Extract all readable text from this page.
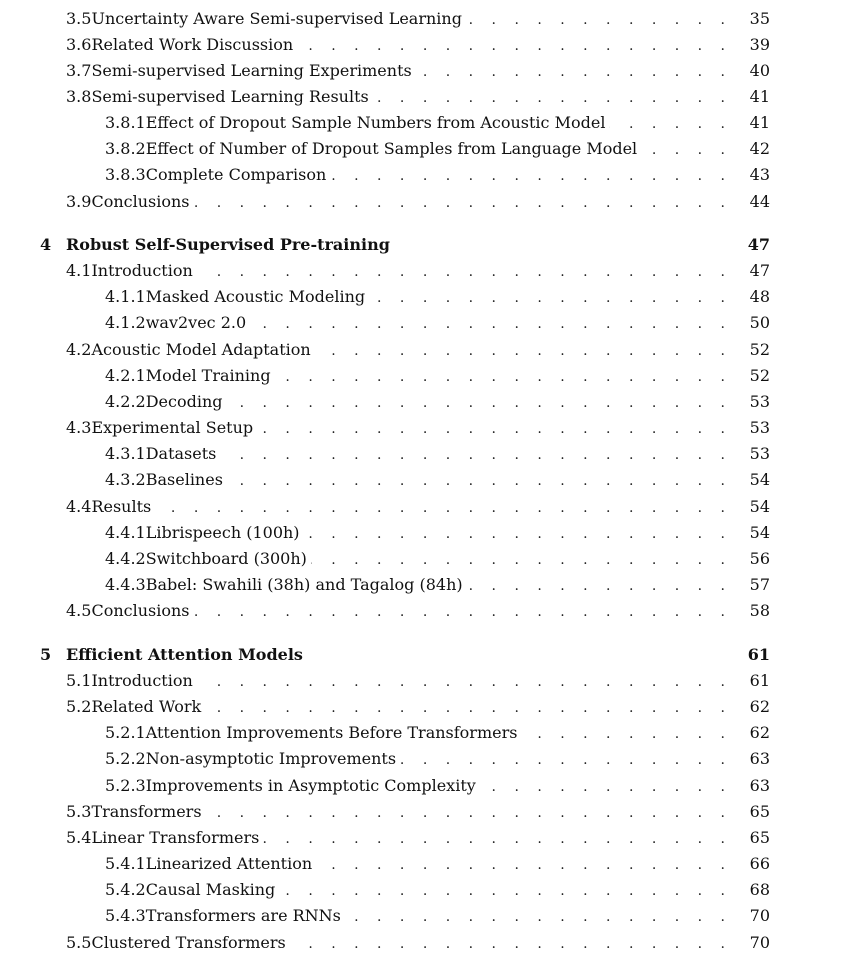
3.5 Uncertainty Aware Semi-supervised Learning . . .	35
3.6 Related Work Discussion . . .	39
3.7 Semi-supervised Learning Experiments . . .	40
3.8 Semi-supervised Learning Results . . .	41
3.8.1 Effect of Dropout Sample Numbers from Acoustic Model . . .	41
3.8.2 Effect of Number of Dropout Samples from Language Model . . .	42
3.8.3 Complete Comparison . . .	43
3.9 Conclusions . . .	44
4 Robust Self-Supervised Pre-training	47
4.1 Introduction . . .	47
4.1.1 Masked Acoustic Modeling . . .	48
4.1.2 wav2vec 2.0 . . .	50
4.2 Acoustic Model Adaptation . . .	52
4.2.1 Model Training . . .	52
4.2.2 Decoding . . .	53
4.3 Experimental Setup . . .	53
4.3.1 Datasets . . .	53
4.3.2 Baselines . . .	54
4.4 Results . . .	54
4.4.1 Librispeech (100h) . . .	54
4.4.2 Switchboard (300h) . . .	56
4.4.3 Babel: Swahili (38h) and Tagalog (84h) . . .	57
4.5 Conclusions . . .	58
5 Efficient Attention Models	61
5.1 Introduction . . .	61
5.2 Related Work . . .	62
5.2.1 Attention Improvements Before Transformers . . .	62
5.2.2 Non-asymptotic Improvements . . .	63
5.2.3 Improvements in Asymptotic Complexity . . .	63
5.3 Transformers . . .	65
5.4 Linear Transformers . . .	65
5.4.1 Linearized Attention . . .	66
5.4.2 Causal Masking . . .	68
5.4.3 Transformers are RNNs . . .	70
5.5 Clustered Transformers . . .	70
